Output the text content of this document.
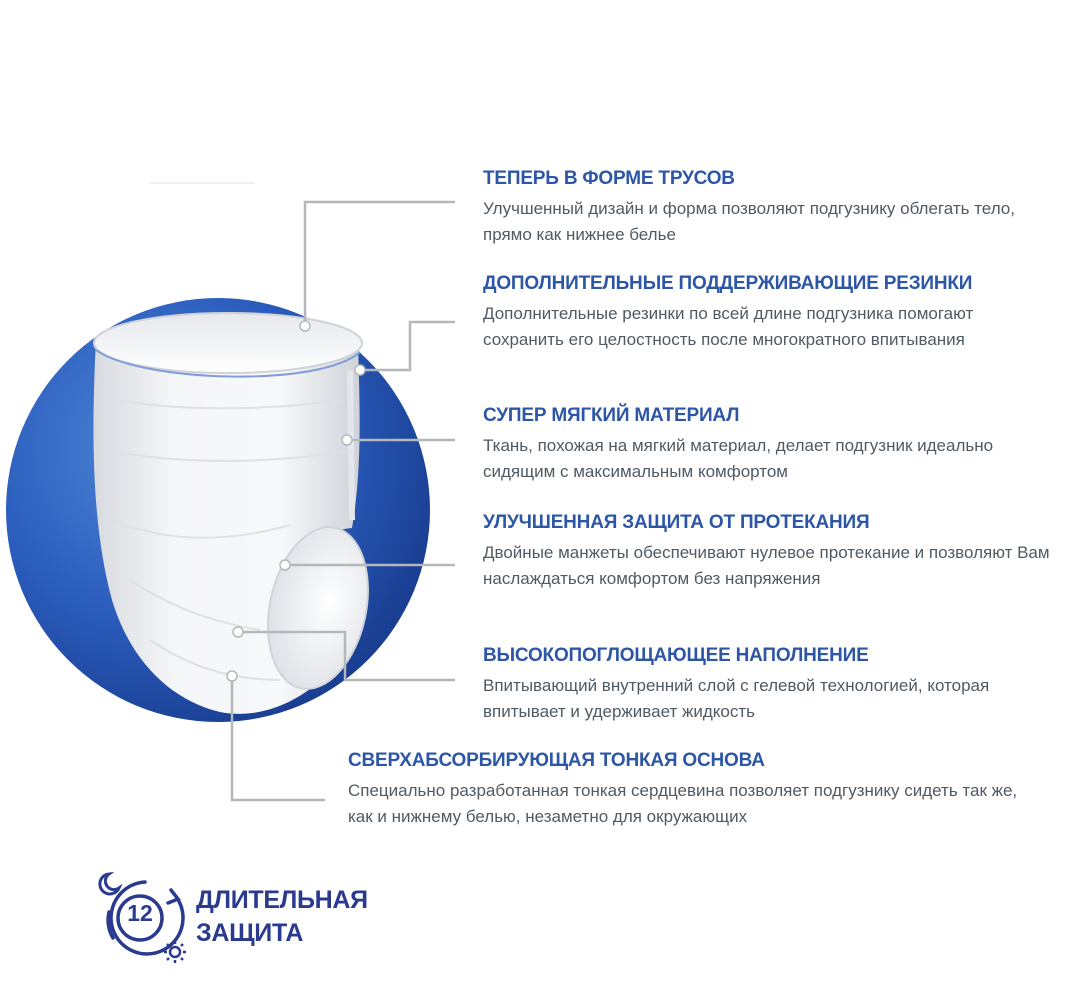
ТЕПЕРЬ В ФОРМЕ ТРУСОВ

Улучшенный дизайн и форма позволяют подгузнику облегать тело, прямо как нижнее белье

ДОПОЛНИТЕЛЬНЫЕ ПОДДЕРЖИВАЮЩИЕ РЕЗИНКИ

Дополнительные резинки по всей длине подгузника помогают сохранить его целостность после многократного впитывания

СУПЕР МЯГКИЙ МАТЕРИАЛ

Ткань, похожая на мягкий материал, делает подгузник идеально сидящим с максимальным комфортом

УЛУЧШЕННАЯ ЗАЩИТА ОТ ПРОТЕКАНИЯ

Двойные манжеты обеспечивают нулевое протекание и позволяют Вам наслаждаться комфортом без напряжения

ВЫСОКОПОГЛОЩАЮЩЕЕ НАПОЛНЕНИЕ

Впитывающий внутренний слой с гелевой технологией, которая впитывает и удерживает жидкость

СВЕРХАБСОРБИРУЮЩАЯ ТОНКАЯ ОСНОВА

Специально разработанная тонкая сердцевина позволяет подгузнику сидеть так же, как и нижнему белью, незаметно для окружающих

12	ДЛИТЕЛЬНАЯ
ЗАЩИТА
